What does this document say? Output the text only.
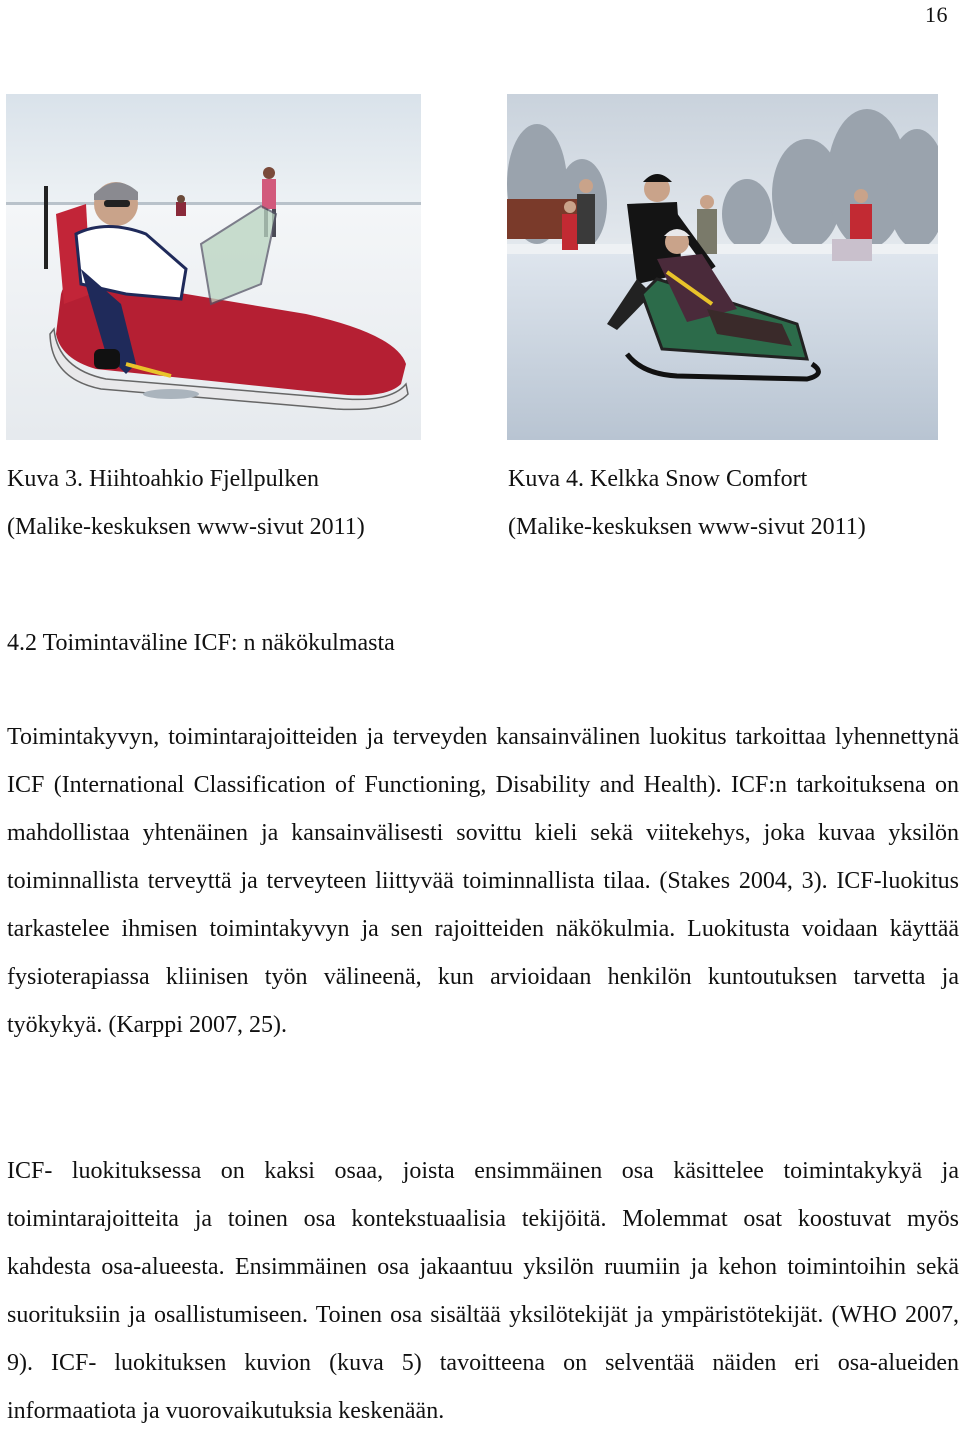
16
Kuva 3. Hiihtoahkio Fjellpulken
(Malike-keskuksen www-sivut 2011)
Kuva 4. Kelkka Snow Comfort
(Malike-keskuksen www-sivut 2011)
4.2 Toimintaväline ICF: n näkökulmasta

Toimintakyvyn, toimintarajoitteiden ja terveyden kansainvälinen luokitus tarkoittaa lyhennettynä ICF (International Classification of Functioning, Disability and Health). ICF:n tarkoituksena on mahdollistaa yhtenäinen ja kansainvälisesti sovittu kieli sekä viitekehys, joka kuvaa yksilön toiminnallista terveyttä ja terveyteen liittyvää toiminnallista tilaa. (Stakes 2004, 3). ICF-luokitus tarkastelee ihmisen toimintakyvyn ja sen rajoitteiden näkökulmia. Luokitusta voidaan käyttää fysioterapiassa kliinisen työn välineenä, kun arvioidaan henkilön kuntoutuksen tarvetta ja työkykyä. (Karppi 2007, 25).

ICF- luokituksessa on kaksi osaa, joista ensimmäinen osa käsittelee toimintakykyä ja toimintarajoitteita ja toinen osa kontekstuaalisia tekijöitä. Molemmat osat koostuvat myös kahdesta osa-alueesta. Ensimmäinen osa jakaantuu yksilön ruumiin ja kehon toimintoihin sekä suorituksiin ja osallistumiseen. Toinen osa sisältää yksilötekijät ja ympäristötekijät. (WHO 2007, 9). ICF- luokituksen kuvion (kuva 5) tavoitteena on selventää näiden eri osa-alueiden informaatiota ja vuorovaikutuksia keskenään.
